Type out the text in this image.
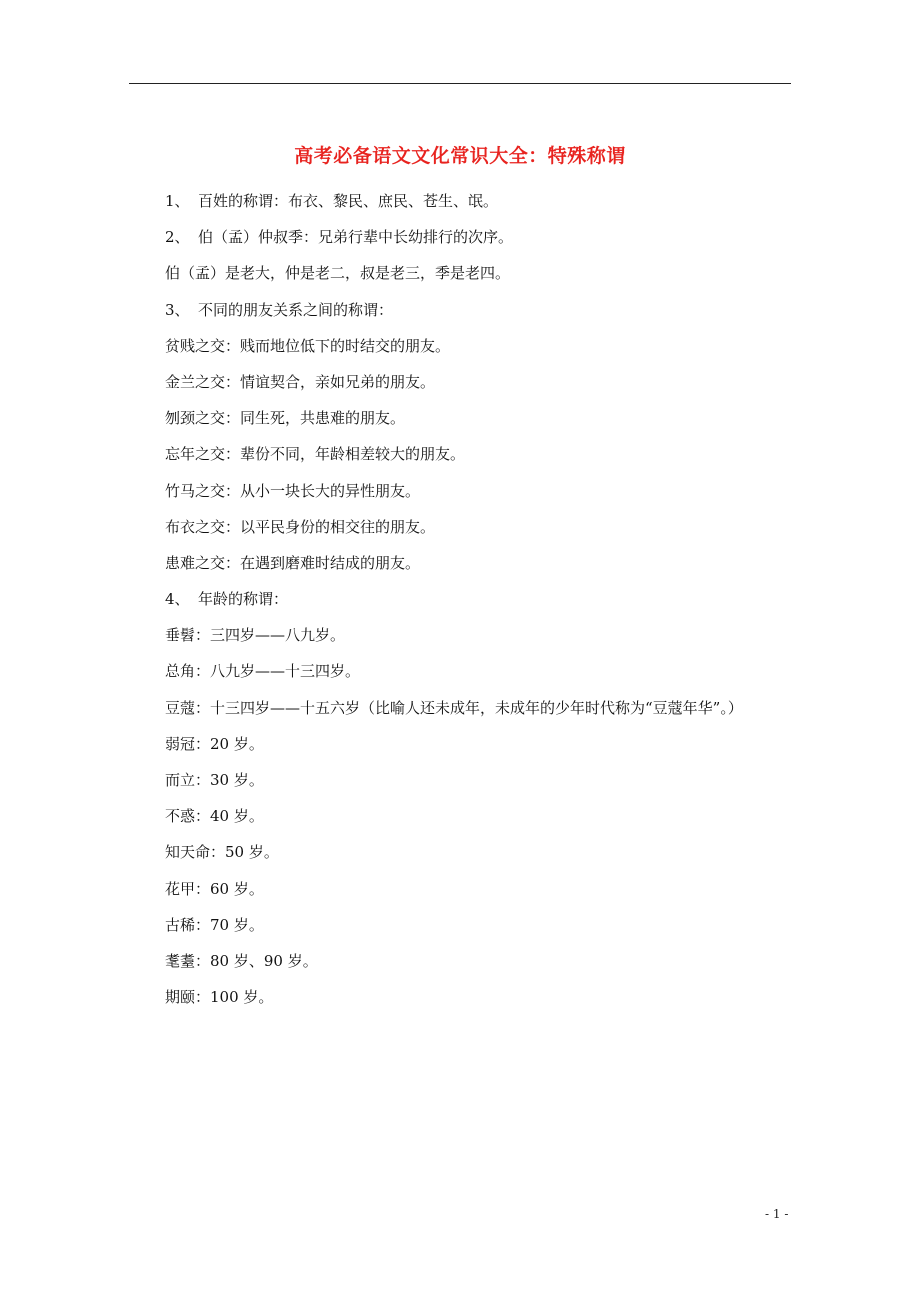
高考必备语文文化常识大全：特殊称谓
1、 百姓的称谓：布衣、黎民、庶民、苍生、氓。
2、 伯（孟）仲叔季：兄弟行辈中长幼排行的次序。
伯（孟）是老大，仲是老二，叔是老三，季是老四。
3、 不同的朋友关系之间的称谓：
贫贱之交：贱而地位低下的时结交的朋友。
金兰之交：情谊契合，亲如兄弟的朋友。
刎颈之交：同生死，共患难的朋友。
忘年之交：辈份不同，年龄相差较大的朋友。
竹马之交：从小一块长大的异性朋友。
布衣之交：以平民身份的相交往的朋友。
患难之交：在遇到磨难时结成的朋友。
4、 年龄的称谓：
垂髫：三四岁——八九岁。
总角：八九岁——十三四岁。
豆蔻：十三四岁——十五六岁（比喻人还未成年，未成年的少年时代称为“豆蔻年华”。）
弱冠：20 岁。
而立：30 岁。
不惑：40 岁。
知天命：50 岁。
花甲：60 岁。
古稀：70 岁。
耄耋：80 岁、90 岁。
期颐：100 岁。
- 1 -
